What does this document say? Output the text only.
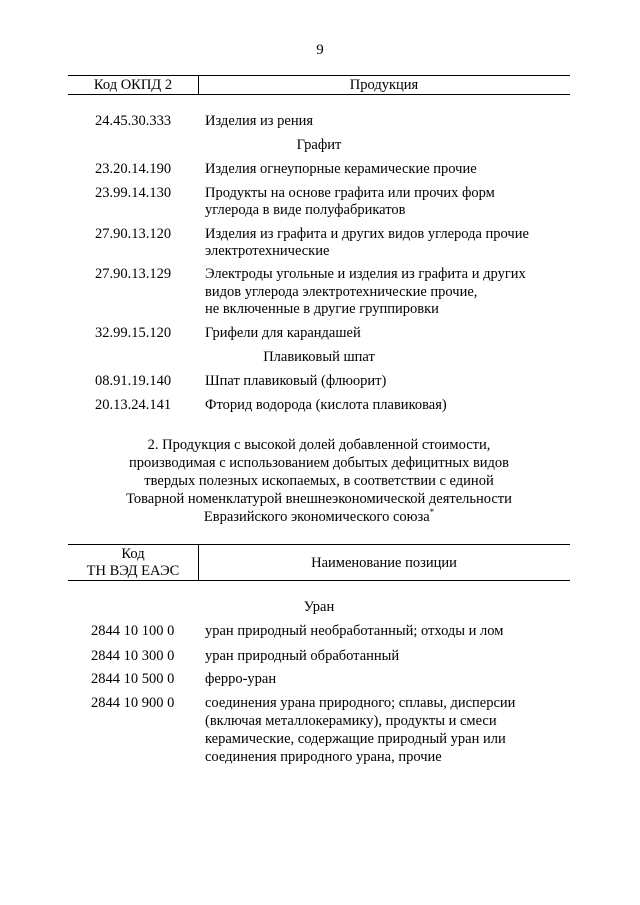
9
Код ОКПД 2	Продукция
24.45.30.333 Изделия из рения
Графит
23.20.14.190 Изделия огнеупорные керамические прочие
23.99.14.130 Продукты на основе графита или прочих форм
углерода в виде полуфабрикатов
27.90.13.120 Изделия из графита и других видов углерода прочие
электротехнические
27.90.13.129 Электроды угольные и изделия из графита и других
видов углерода электротехнические прочие,
не включенные в другие группировки
32.99.15.120 Грифели для карандашей
Плавиковый шпат
08.91.19.140 Шпат плавиковый (флюорит)
20.13.24.141 Фторид водорода (кислота плавиковая)
2. Продукция с высокой долей добавленной стоимости,
производимая с использованием добытых дефицитных видов
твердых полезных ископаемых, в соответствии с единой
Товарной номенклатурой внешнеэкономической деятельности
Евразийского экономического союза*
Код
ТН ВЭД ЕАЭС	Наименование позиции
Уран
2844 10 100 0 уран природный необработанный; отходы и лом
2844 10 300 0 уран природный обработанный
2844 10 500 0 ферро-уран
2844 10 900 0 соединения урана природного; сплавы, дисперсии
(включая металлокерамику), продукты и смеси
керамические, содержащие природный уран или
соединения природного урана, прочие
